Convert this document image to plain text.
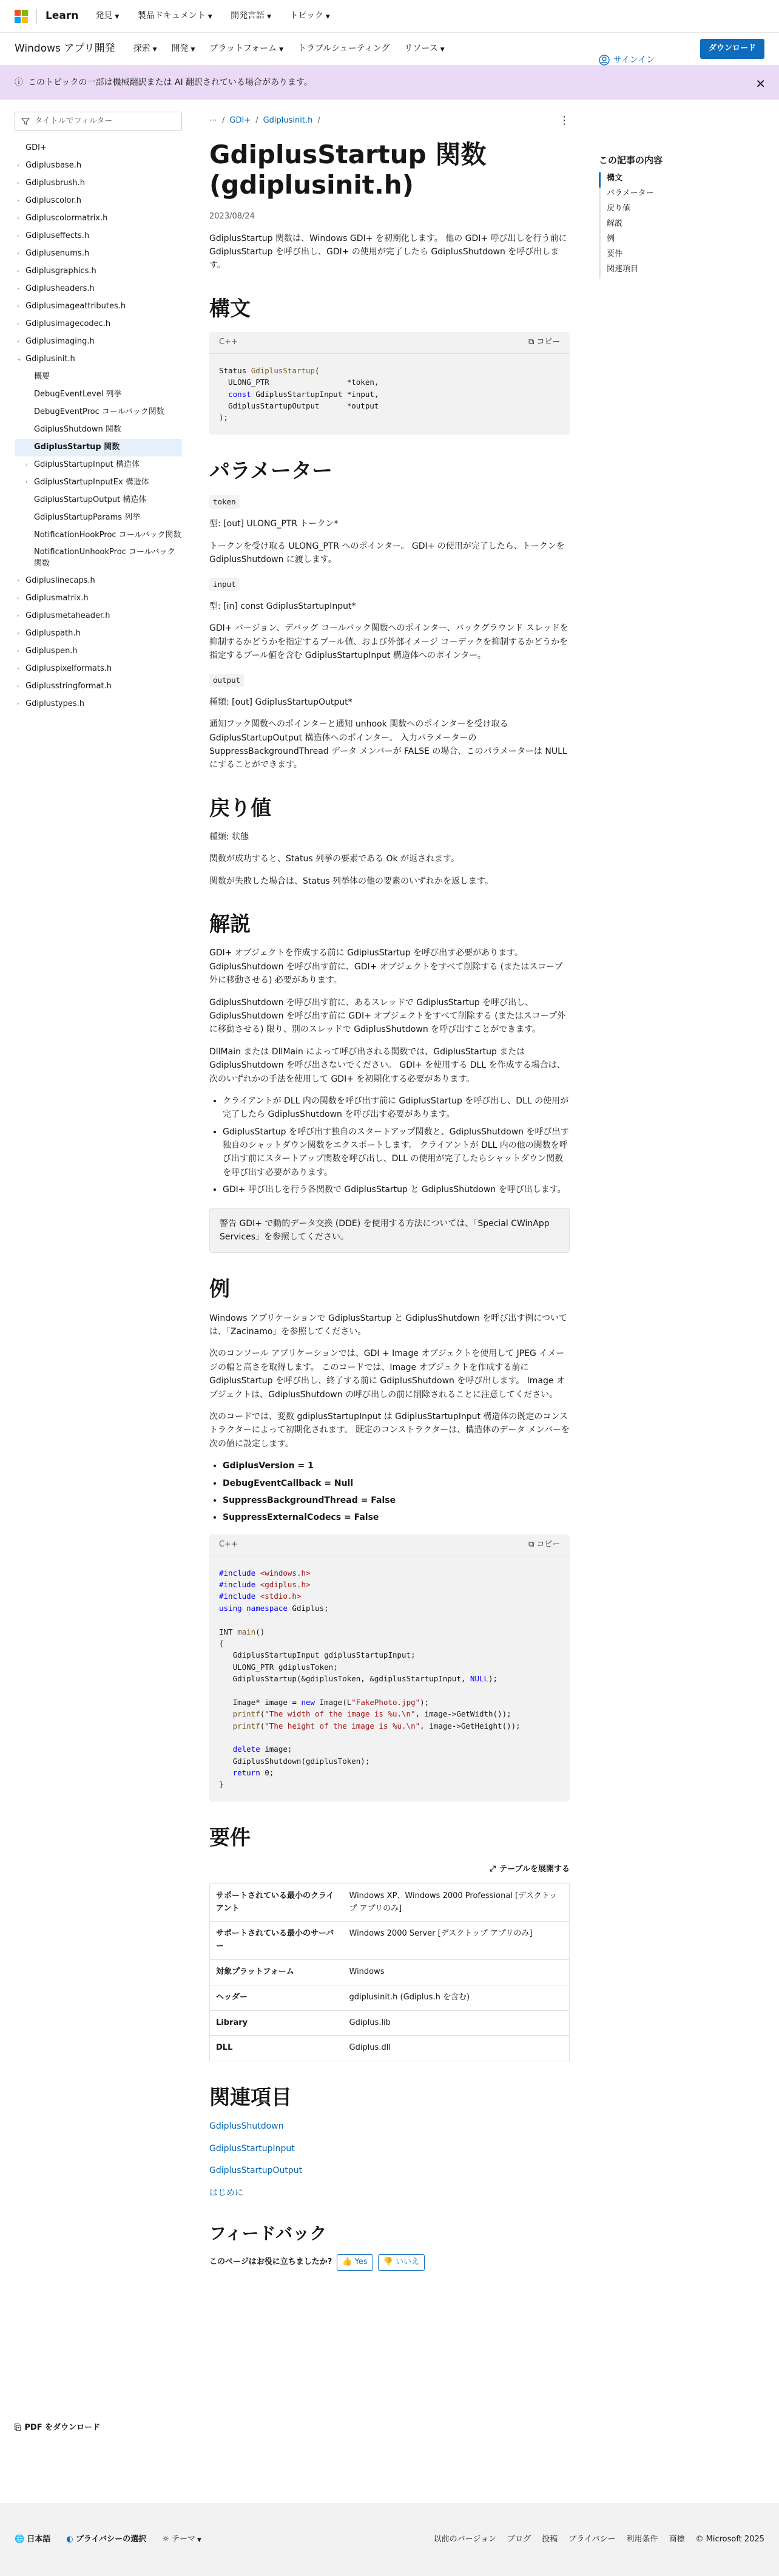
Learn 発見 ▼ 製品ドキュメント ▼ 開発言語 ▼ トピック ▼
サインイン
Windows アプリ開発 探索 ▼ 開発 ▼ プラットフォーム ▼ トラブルシューティング リソース ▼	ダウンロード
ⓘ このトピックの一部は機械翻訳または AI 翻訳されている場合があります。	✕
タイトルでフィルター
GDI+
› Gdiplusbase.h
› Gdiplusbrush.h
› Gdipluscolor.h
› Gdipluscolormatrix.h
› Gdipluseffects.h
› Gdiplusenums.h
› Gdiplusgraphics.h
› Gdiplusheaders.h
› Gdiplusimageattributes.h
› Gdiplusimagecodec.h
› Gdiplusimaging.h
⌄ Gdiplusinit.h
概要
DebugEventLevel 列挙
DebugEventProc コールバック関数
GdiplusShutdown 関数
GdiplusStartup 関数
› GdiplusStartupInput 構造体
› GdiplusStartupInputEx 構造体
GdiplusStartupOutput 構造体
GdiplusStartupParams 列挙
NotificationHookProc コールバック関数
NotificationUnhookProc コールバック関数
› Gdipluslinecaps.h
› Gdiplusmatrix.h
› Gdiplusmetaheader.h
› Gdipluspath.h
› Gdipluspen.h
› Gdipluspixelformats.h
› Gdiplusstringformat.h
› Gdiplustypes.h
⎘ PDF をダウンロード
⋯ / GDI+ / Gdiplusinit.h /	⋮
GdiplusStartup 関数 (gdiplusinit.h)
2023/08/24

GdiplusStartup 関数は、Windows GDI+ を初期化します。 他の GDI+ 呼び出しを行う前に GdiplusStartup を呼び出し、GDI+ の使用が完了したら GdiplusShutdown を呼び出します。

構文
C++	⧉ コピー
Status GdiplusStartup(
ULONG_PTR                 *token,
const GdiplusStartupInput *input,
GdiplusStartupOutput      *output
);
パラメーター
token

型: [out] ULONG_PTR トークン*

トークンを受け取る ULONG_PTR へのポインター。 GDI+ の使用が完了したら、トークンを GdiplusShutdown に渡します。

input

型: [in] const GdiplusStartupInput*

GDI+ バージョン、デバッグ コールバック関数へのポインター、バックグラウンド スレッドを抑制するかどうかを指定するブール値、および外部イメージ コーデックを抑制するかどうかを指定するブール値を含む GdiplusStartupInput 構造体へのポインター。

output

種類: [out] GdiplusStartupOutput*

通知フック関数へのポインターと通知 unhook 関数へのポインターを受け取る GdiplusStartupOutput 構造体へのポインター。 入力パラメーターの SuppressBackgroundThread データ メンバーが FALSE の場合、このパラメーターは NULL にすることができます。

戻り値

種類: 状態

関数が成功すると、Status 列挙の要素である Ok が返されます。

関数が失敗した場合は、Status 列挙体の他の要素のいずれかを返します。

解説

GDI+ オブジェクトを作成する前に GdiplusStartup を呼び出す必要があります。 GdiplusShutdown を呼び出す前に、GDI+ オブジェクトをすべて削除する (またはスコープ外に移動させる) 必要があります。

GdiplusShutdown を呼び出す前に、あるスレッドで GdiplusStartup を呼び出し、GdiplusShutdown を呼び出す前に GDI+ オブジェクトをすべて削除する (またはスコープ外に移動させる) 限り、別のスレッドで GdiplusShutdown を呼び出すことができます。

DllMain または DllMain によって呼び出される関数では、GdiplusStartup または GdiplusShutdown を呼び出さないでください。 GDI+ を使用する DLL を作成する場合は、次のいずれかの手法を使用して GDI+ を初期化する必要があります。

• クライアントが DLL 内の関数を呼び出す前に GdiplusStartup を呼び出し、DLL の使用が完了したら GdiplusShutdown を呼び出す必要があります。
• GdiplusStartup を呼び出す独自のスタートアップ関数と、GdiplusShutdown を呼び出す独自のシャットダウン関数をエクスポートします。 クライアントが DLL 内の他の関数を呼び出す前にスタートアップ関数を呼び出し、DLL の使用が完了したらシャットダウン関数を呼び出す必要があります。
• GDI+ 呼び出しを行う各関数で GdiplusStartup と GdiplusShutdown を呼び出します。
警告 GDI+ で動的データ交換 (DDE) を使用する方法については、「Special CWinApp Services」を参照してください。
例

Windows アプリケーションで GdiplusStartup と GdiplusShutdown を呼び出す例については、「Zacinamo」を参照してください。

次のコンソール アプリケーションでは、GDI + Image オブジェクトを使用して JPEG イメージの幅と高さを取得します。 このコードでは、Image オブジェクトを作成する前に GdiplusStartup を呼び出し、終了する前に GdiplusShutdown を呼び出します。 Image オブジェクトは、GdiplusShutdown の呼び出しの前に削除されることに注意してください。

次のコードでは、変数 gdiplusStartupInput は GdiplusStartupInput 構造体の既定のコンストラクターによって初期化されます。 既定のコンストラクターは、構造体のデータ メンバーを次の値に設定します。

• GdiplusVersion = 1
• DebugEventCallback = Null
• SuppressBackgroundThread = False
• SuppressExternalCodecs = False
C++	⧉ コピー
#include <windows.h>
#include <gdiplus.h>
#include <stdio.h>
using namespace Gdiplus;

INT main()
{
GdiplusStartupInput gdiplusStartupInput;
ULONG_PTR gdiplusToken;
GdiplusStartup(&gdiplusToken, &gdiplusStartupInput, NULL);

Image* image = new Image(L"FakePhoto.jpg");
printf("The width of the image is %u.\n", image->GetWidth());
printf("The height of the image is %u.\n", image->GetHeight());

delete image;
GdiplusShutdown(gdiplusToken);
return 0;
}
要件
⤢ テーブルを展開する
サポートされている最小のクライアント	Windows XP、Windows 2000 Professional [デスクトップ アプリのみ]
サポートされている最小のサーバー	Windows 2000 Server [デスクトップ アプリのみ]
対象プラットフォーム	Windows
ヘッダー	gdiplusinit.h (Gdiplus.h を含む)
Library	Gdiplus.lib
DLL	Gdiplus.dll
関連項目
GdiplusShutdown
GdiplusStartupInput
GdiplusStartupOutput
はじめに
フィードバック
このページはお役に立ちましたか?	👍 Yes	👎 いいえ
この記事の内容
構文
パラメーター
戻り値
解説
例
要件
関連項目
🌐 日本語 ◐ プライバシーの選択 ☼ テーマ ▼	以前のバージョン ブログ 投稿 プライバシー 利用条件 商標 © Microsoft 2025
